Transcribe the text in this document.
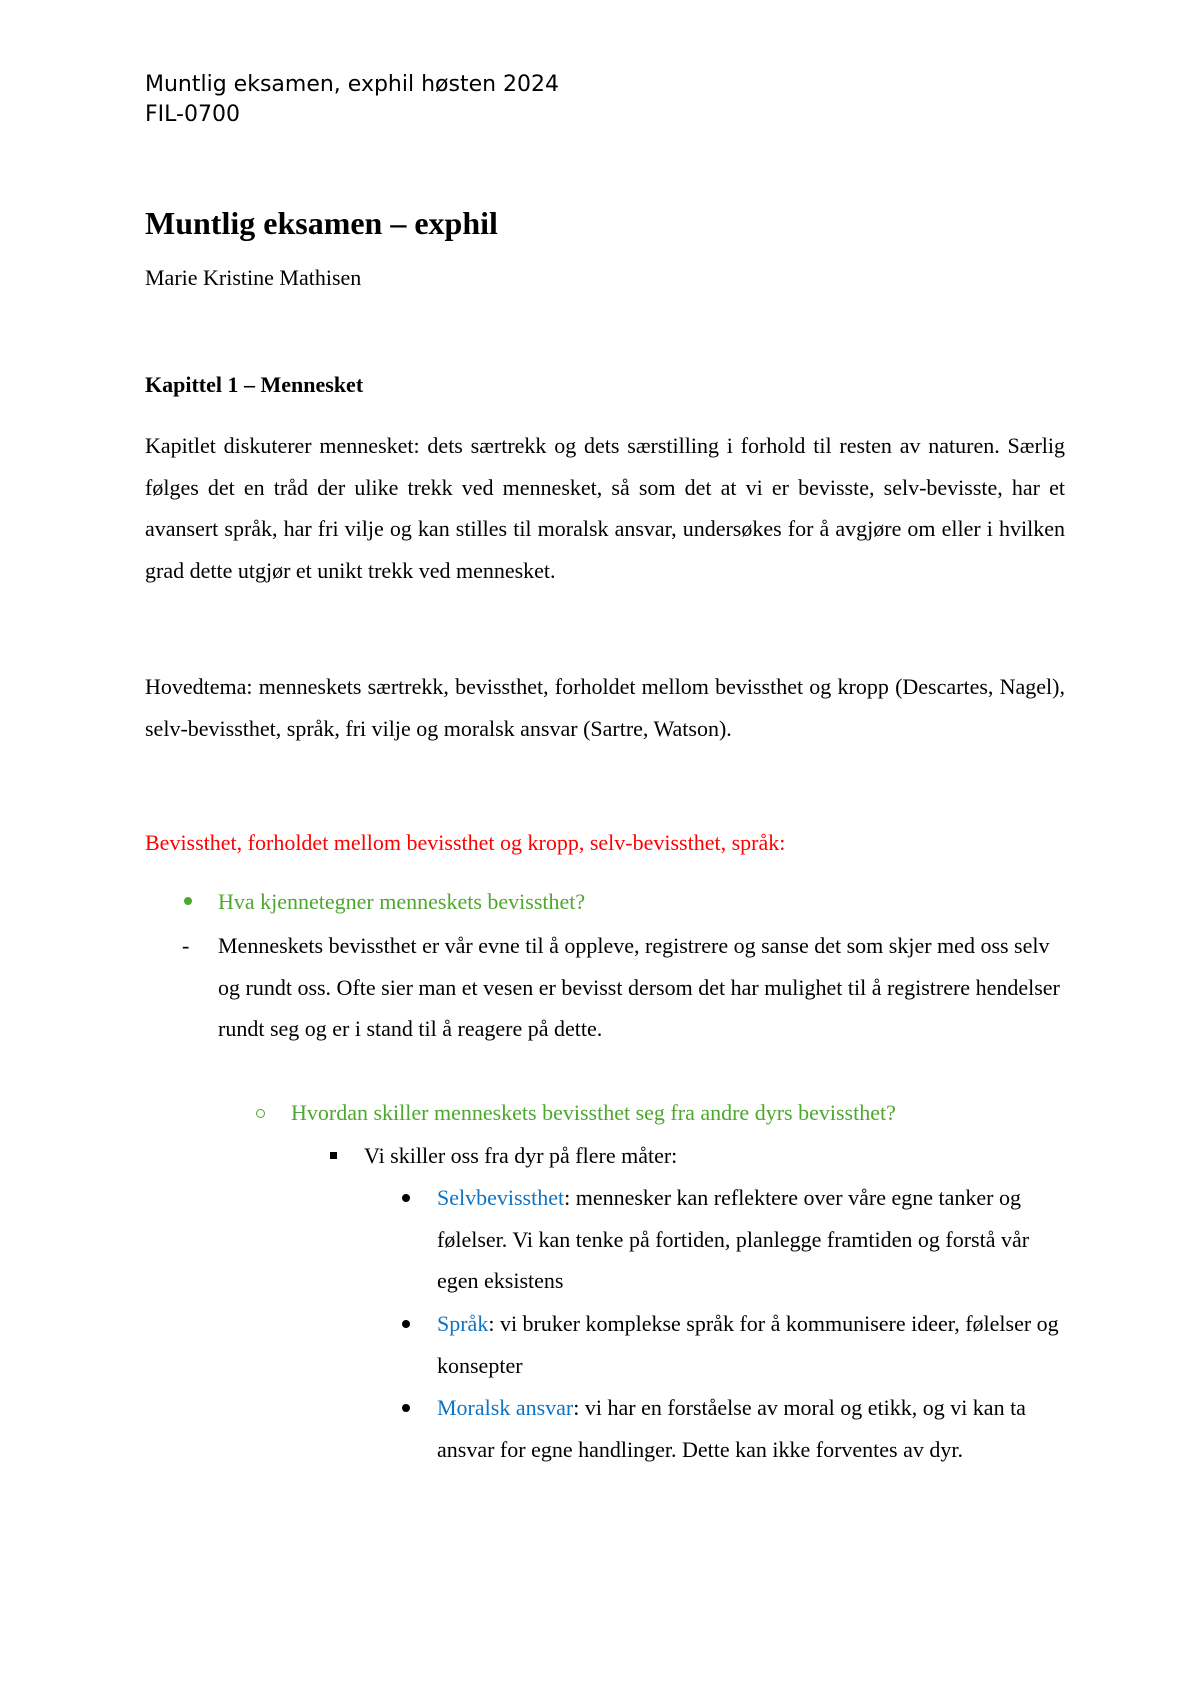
Muntlig eksamen, exphil høsten 2024
FIL-0700
Muntlig eksamen – exphil
Marie Kristine Mathisen
Kapittel 1 – Mennesket
Kapitlet diskuterer mennesket: dets særtrekk og dets særstilling i forhold til resten av naturen. Særlig følges det en tråd der ulike trekk ved mennesket, så som det at vi er bevisste, selv-bevisste, har et avansert språk, har fri vilje og kan stilles til moralsk ansvar, undersøkes for å avgjøre om eller i hvilken grad dette utgjør et unikt trekk ved mennesket.
Hovedtema: menneskets særtrekk, bevissthet, forholdet mellom bevissthet og kropp (Descartes, Nagel), selv-bevissthet, språk, fri vilje og moralsk ansvar (Sartre, Watson).
Bevissthet, forholdet mellom bevissthet og kropp, selv-bevissthet, språk:
Hva kjennetegner menneskets bevissthet?
- Menneskets bevissthet er vår evne til å oppleve, registrere og sanse det som skjer med oss selv og rundt oss. Ofte sier man et vesen er bevisst dersom det har mulighet til å registrere hendelser rundt seg og er i stand til å reagere på dette.
Hvordan skiller menneskets bevissthet seg fra andre dyrs bevissthet?
Vi skiller oss fra dyr på flere måter:
Selvbevissthet: mennesker kan reflektere over våre egne tanker og følelser. Vi kan tenke på fortiden, planlegge framtiden og forstå vår egen eksistens
Språk: vi bruker komplekse språk for å kommunisere ideer, følelser og konsepter
Moralsk ansvar: vi har en forståelse av moral og etikk, og vi kan ta ansvar for egne handlinger. Dette kan ikke forventes av dyr.
